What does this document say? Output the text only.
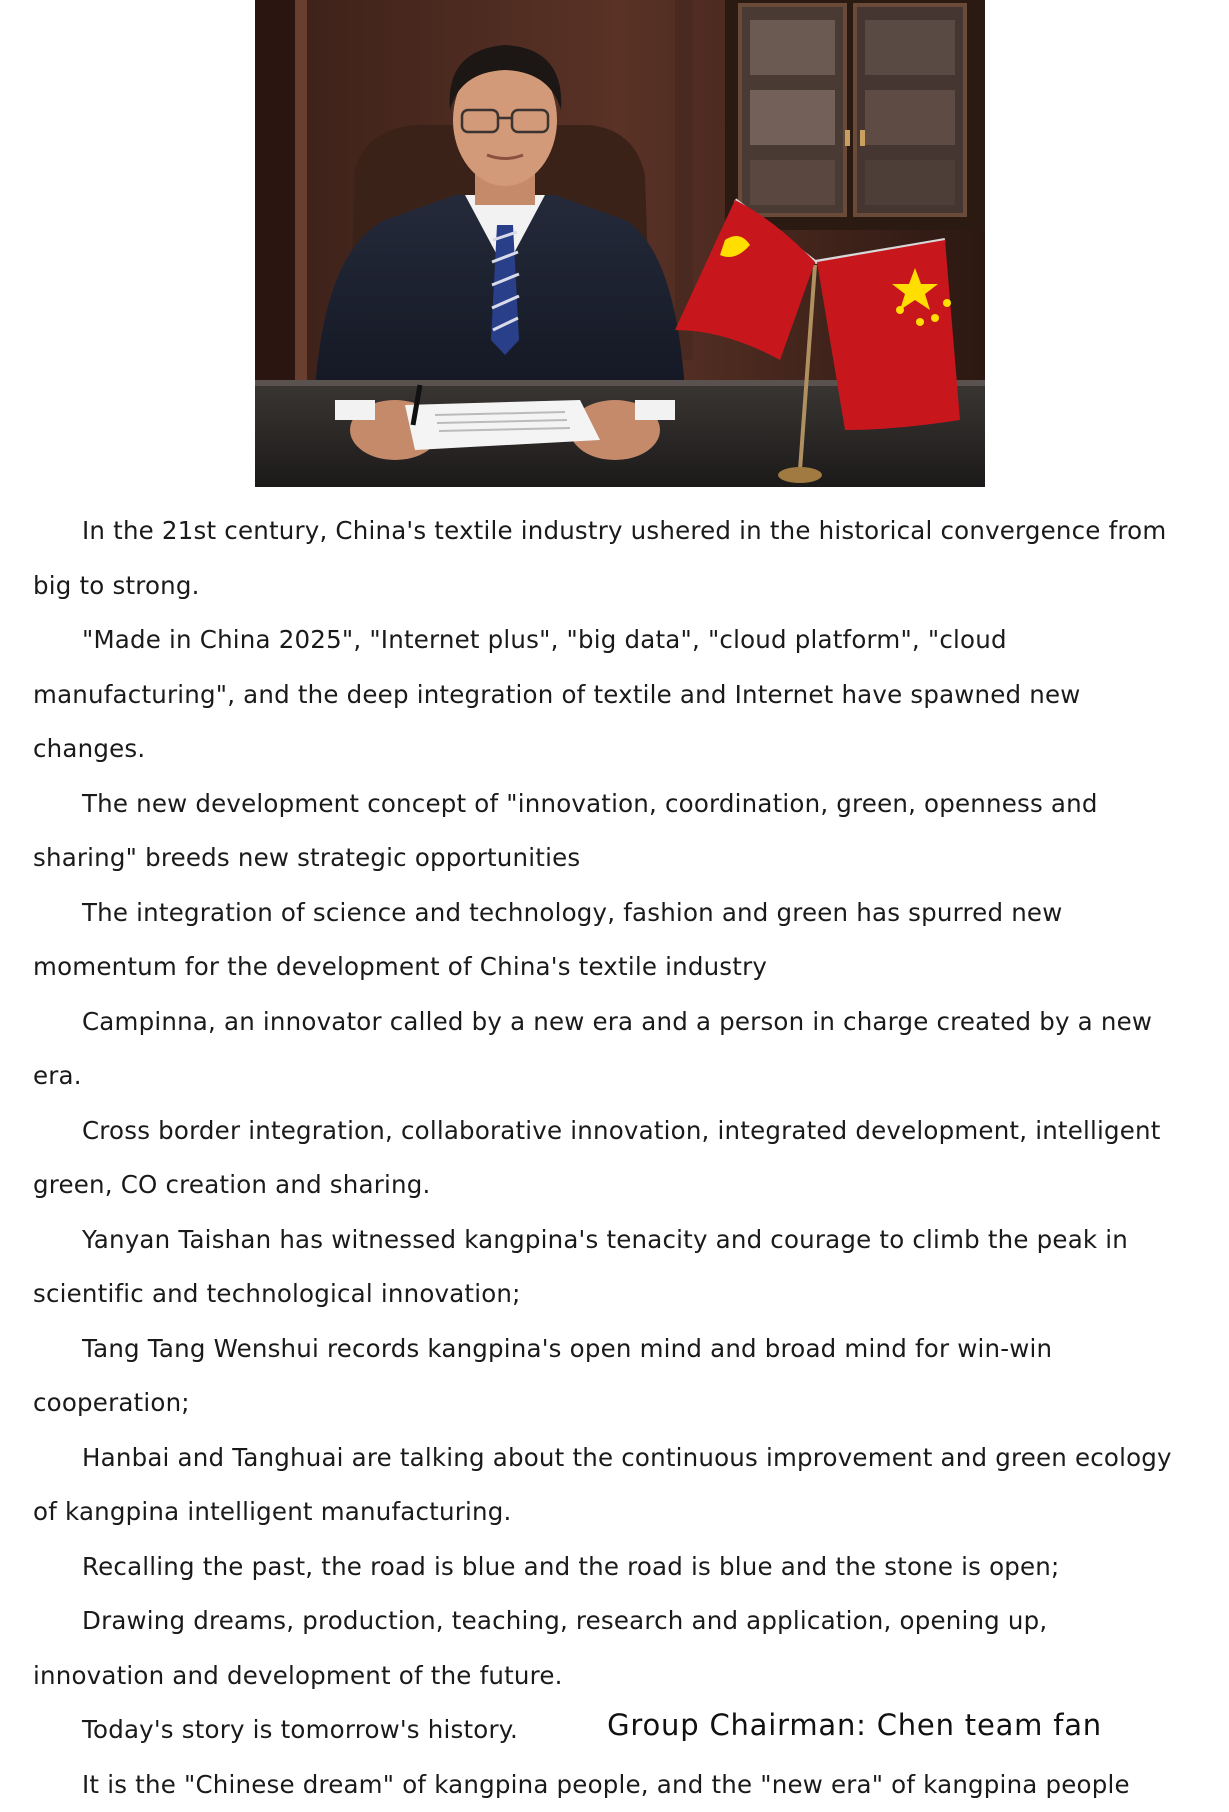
In the 21st century, China's textile industry ushered in the historical convergence from big to strong.

"Made in China 2025", "Internet plus", "big data", "cloud platform", "cloud manufacturing", and the deep integration of textile and Internet have spawned new changes.

The new development concept of "innovation, coordination, green, openness and sharing" breeds new strategic opportunities

The integration of science and technology, fashion and green has spurred new momentum for the development of China's textile industry

Campinna, an innovator called by a new era and a person in charge created by a new era.

Cross border integration, collaborative innovation, integrated development, intelligent green, CO creation and sharing.

Yanyan Taishan has witnessed kangpina's tenacity and courage to climb the peak in scientific and technological innovation;

Tang Tang Wenshui records kangpina's open mind and broad mind for win-win cooperation;

Hanbai and Tanghuai are talking about the continuous improvement and green ecology of kangpina intelligent manufacturing.

Recalling the past, the road is blue and the road is blue and the stone is open;

Drawing dreams, production, teaching, research and application, opening up, innovation and development of the future.

Today's story is tomorrow's history.

It is the "Chinese dream" of kangpina people, and the "new era" of kangpina people

Group Chairman: Chen team fan
